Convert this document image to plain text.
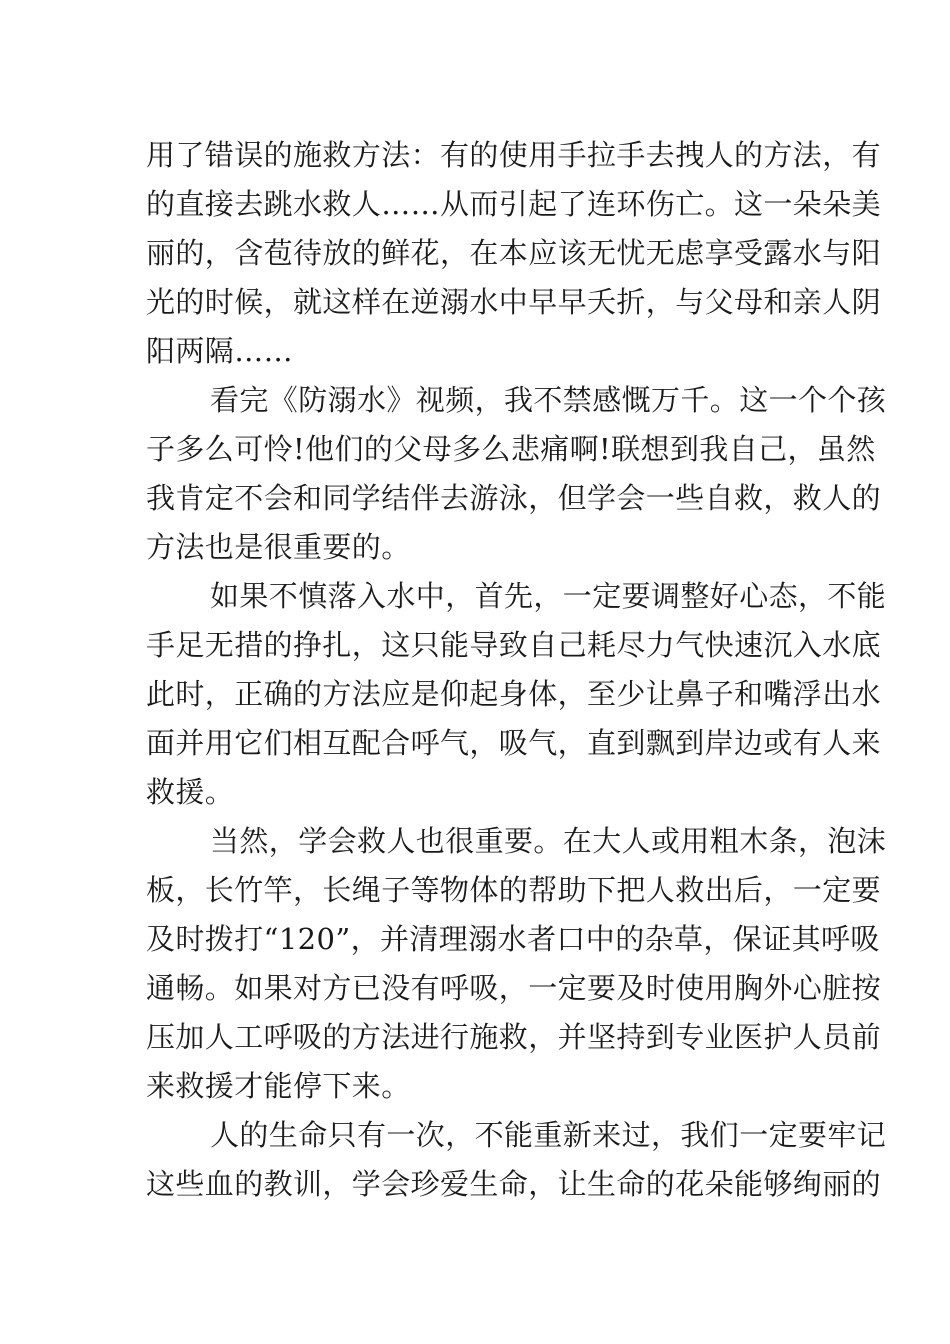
用了错误的施救方法：有的使用手拉手去拽人的方法，有
的直接去跳水救人……从而引起了连环伤亡。这一朵朵美
丽的，含苞待放的鲜花，在本应该无忧无虑享受露水与阳
光的时候，就这样在逆溺水中早早夭折，与父母和亲人阴
阳两隔……
看完《防溺水》视频，我不禁感慨万千。这一个个孩
子多么可怜!他们的父母多么悲痛啊!联想到我自己，虽然
我肯定不会和同学结伴去游泳，但学会一些自救，救人的
方法也是很重要的。
如果不慎落入水中，首先，一定要调整好心态，不能
手足无措的挣扎，这只能导致自己耗尽力气快速沉入水底
此时，正确的方法应是仰起身体，至少让鼻子和嘴浮出水
面并用它们相互配合呼气，吸气，直到飘到岸边或有人来
救援。
当然，学会救人也很重要。在大人或用粗木条，泡沫
板，长竹竿，长绳子等物体的帮助下把人救出后，一定要
及时拨打“120”，并清理溺水者口中的杂草，保证其呼吸
通畅。如果对方已没有呼吸，一定要及时使用胸外心脏按
压加人工呼吸的方法进行施救，并坚持到专业医护人员前
来救援才能停下来。
人的生命只有一次，不能重新来过，我们一定要牢记
这些血的教训，学会珍爱生命，让生命的花朵能够绚丽的
